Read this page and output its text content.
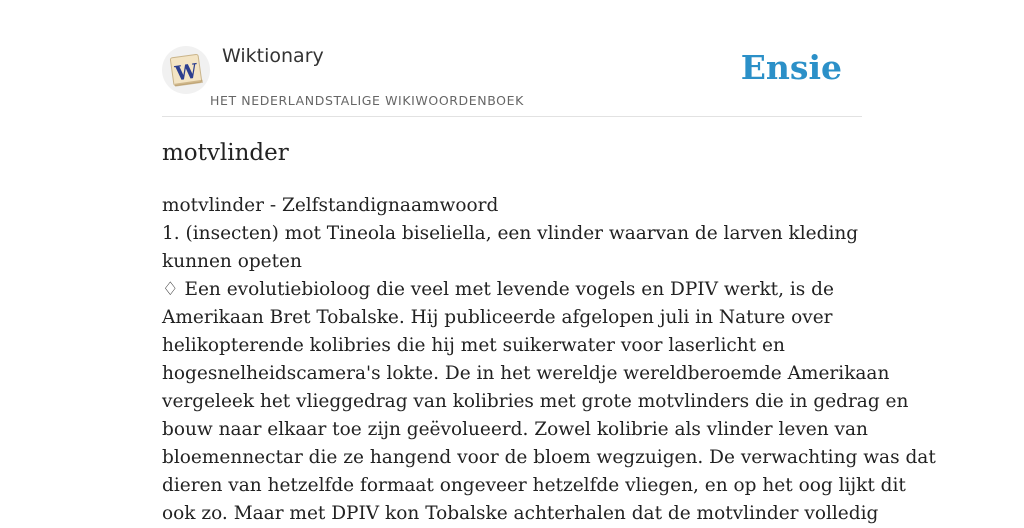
W
Wiktionary
HET NEDERLANDSTALIGE WIKIWOORDENBOEK
Ensie
motvlinder
motvlinder - Zelfstandignaamwoord
1. (insecten) mot Tineola biseliella, een vlinder waarvan de larven kleding
kunnen opeten
♢ Een evolutiebioloog die veel met levende vogels en DPIV werkt, is de
Amerikaan Bret Tobalske. Hij publiceerde afgelopen juli in Nature over
helikopterende kolibries die hij met suikerwater voor laserlicht en
hogesnelheidscamera's lokte. De in het wereldje wereldberoemde Amerikaan
vergeleek het vlieggedrag van kolibries met grote motvlinders die in gedrag en
bouw naar elkaar toe zijn geëvolueerd. Zowel kolibrie als vlinder leven van
bloemennectar die ze hangend voor de bloem wegzuigen. De verwachting was dat
dieren van hetzelfde formaat ongeveer hetzelfde vliegen, en op het oog lijkt dit
ook zo. Maar met DPIV kon Tobalske achterhalen dat de motvlinder volledig
